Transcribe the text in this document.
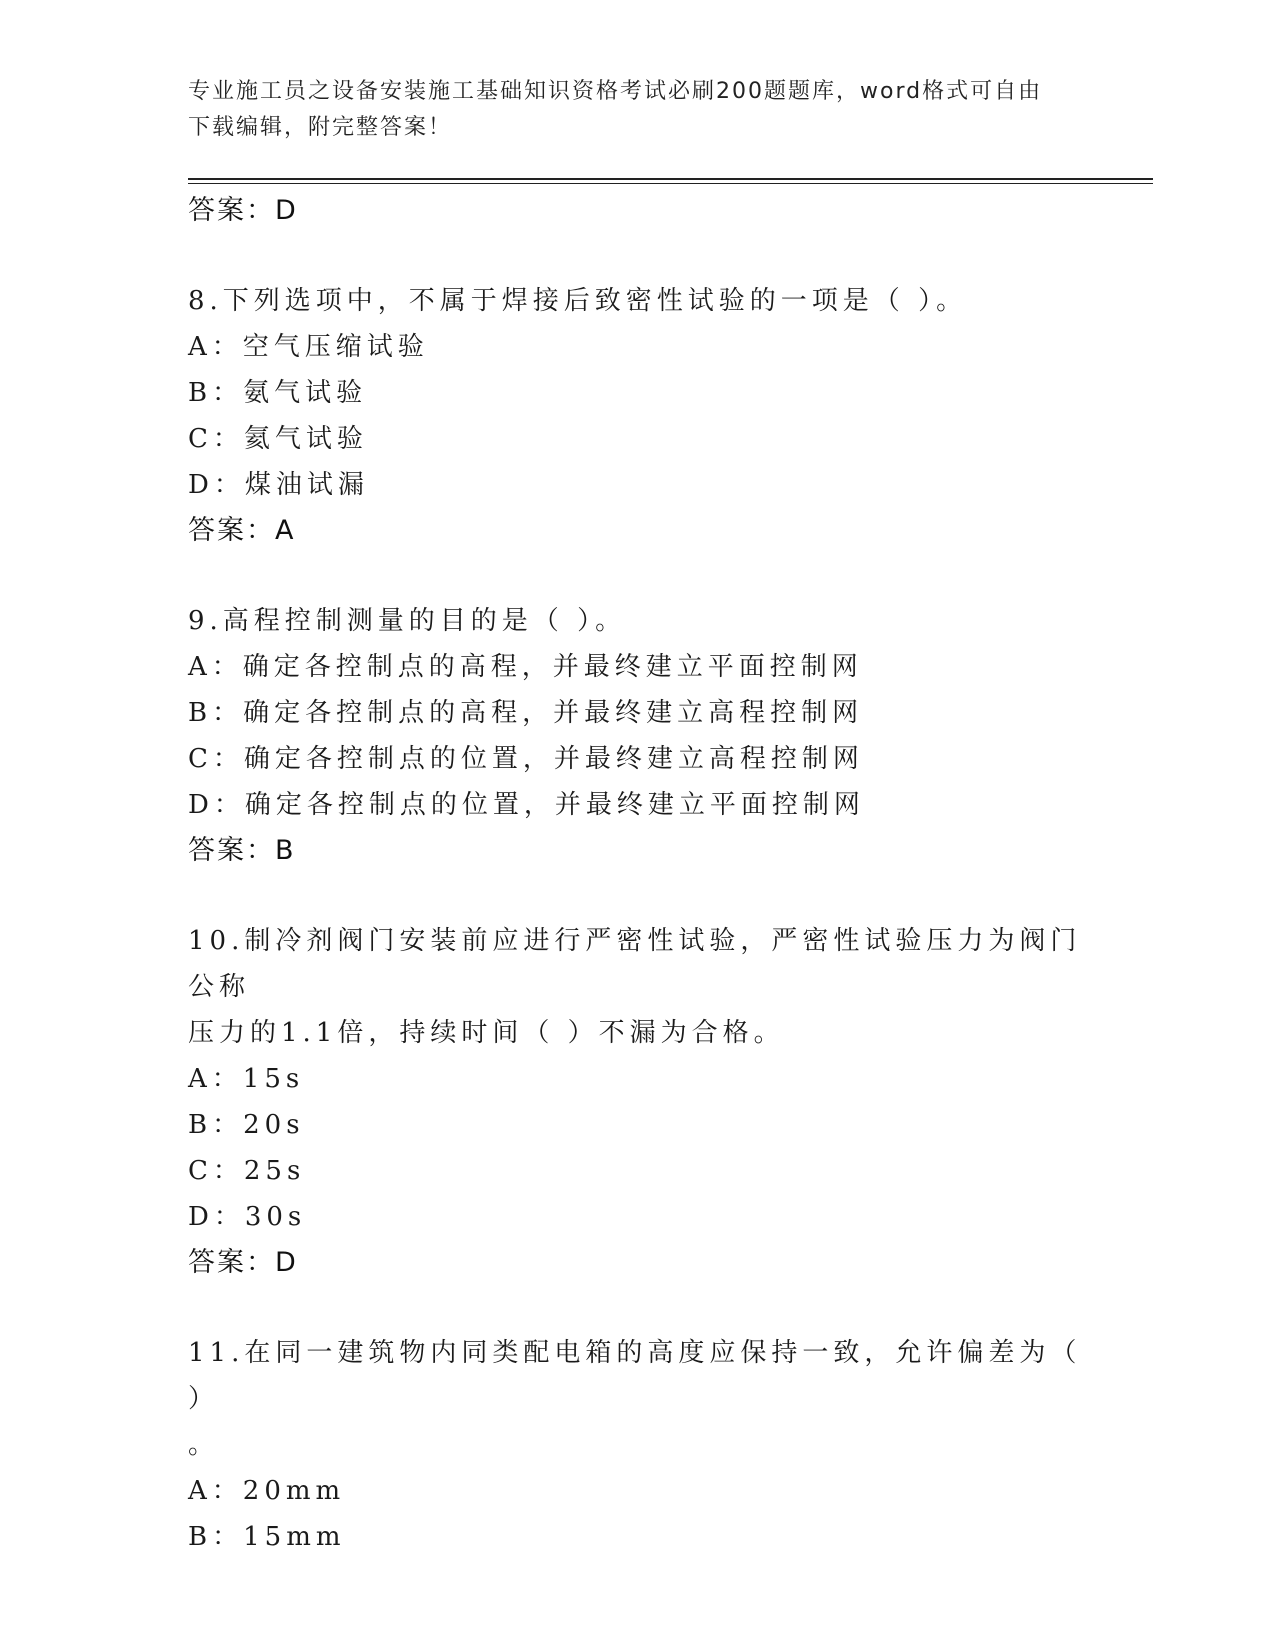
专业施工员之设备安装施工基础知识资格考试必刷200题题库，word格式可自由
下载编辑，附完整答案！

答案：D

8.下列选项中，不属于焊接后致密性试验的一项是（ ）。

A：空气压缩试验

B：氨气试验

C：氦气试验

D：煤油试漏

答案：A

9.高程控制测量的目的是（ ）。

A：确定各控制点的高程，并最终建立平面控制网

B：确定各控制点的高程，并最终建立高程控制网

C：确定各控制点的位置，并最终建立高程控制网

D：确定各控制点的位置，并最终建立平面控制网

答案：B

10.制冷剂阀门安装前应进行严密性试验，严密性试验压力为阀门公称

压力的1.1倍，持续时间（ ）不漏为合格。

A：15s

B：20s

C：25s

D：30s

答案：D

11.在同一建筑物内同类配电箱的高度应保持一致，允许偏差为（ ）

。

A：20mm

B：15mm
